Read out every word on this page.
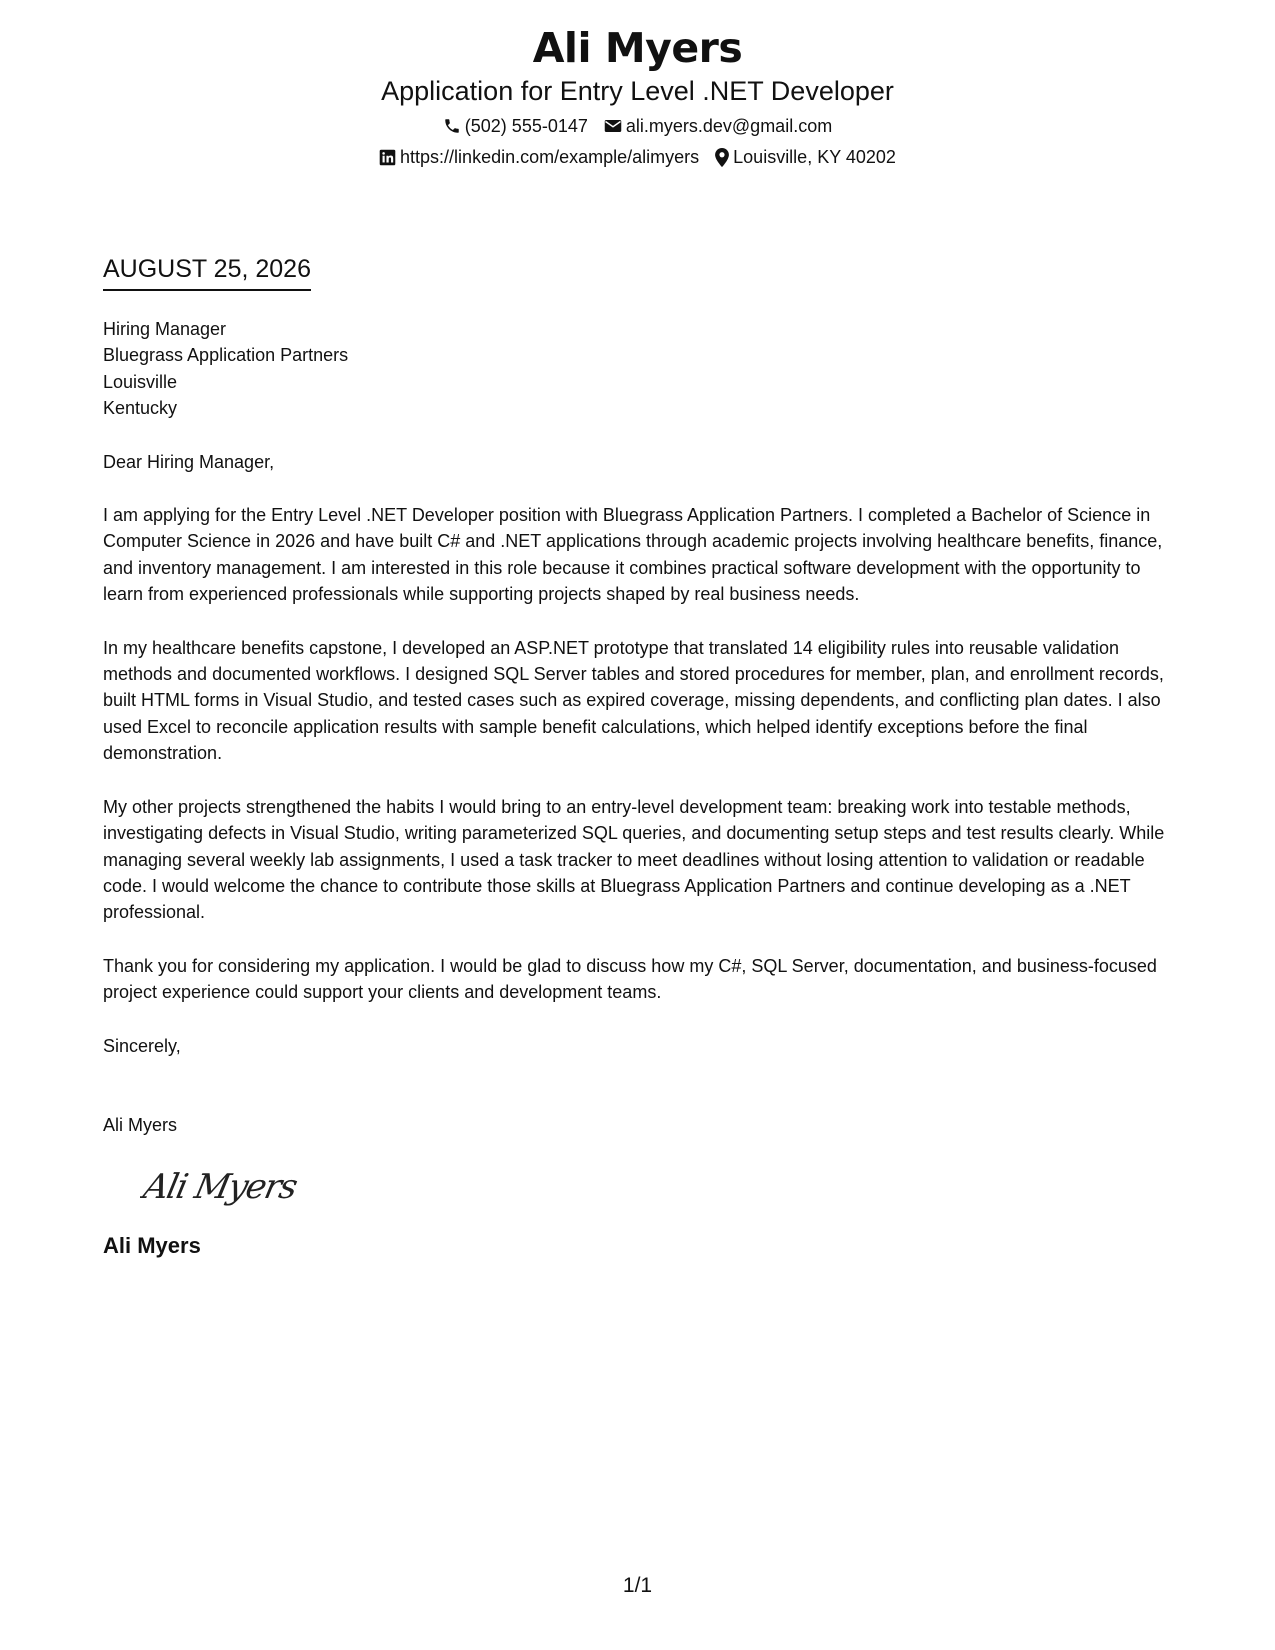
Ali Myers
Application for Entry Level .NET Developer
(502) 555-0147 ali.myers.dev@gmail.com
https://linkedin.com/example/alimyers Louisville, KY 40202
AUGUST 25, 2026
Hiring Manager
Bluegrass Application Partners
Louisville
Kentucky
Dear Hiring Manager,

I am applying for the Entry Level .NET Developer position with Bluegrass Application Partners. I completed a Bachelor of Science in Computer Science in 2026 and have built C# and .NET applications through academic projects involving healthcare benefits, finance, and inventory management. I am interested in this role because it combines practical software development with the opportunity to learn from experienced professionals while supporting projects shaped by real business needs.

In my healthcare benefits capstone, I developed an ASP.NET prototype that translated 14 eligibility rules into reusable validation methods and documented workflows. I designed SQL Server tables and stored procedures for member, plan, and enrollment records, built HTML forms in Visual Studio, and tested cases such as expired coverage, missing dependents, and conflicting plan dates. I also used Excel to reconcile application results with sample benefit calculations, which helped identify exceptions before the final demonstration.

My other projects strengthened the habits I would bring to an entry-level development team: breaking work into testable methods, investigating defects in Visual Studio, writing parameterized SQL queries, and documenting setup steps and test results clearly. While managing several weekly lab assignments, I used a task tracker to meet deadlines without losing attention to validation or readable code. I would welcome the chance to contribute those skills at Bluegrass Application Partners and continue developing as a .NET professional.

Thank you for considering my application. I would be glad to discuss how my C#, SQL Server, documentation, and business-focused project experience could support your clients and development teams.

Sincerely,
Ali Myers
Ali Myers
Ali Myers
1/1
